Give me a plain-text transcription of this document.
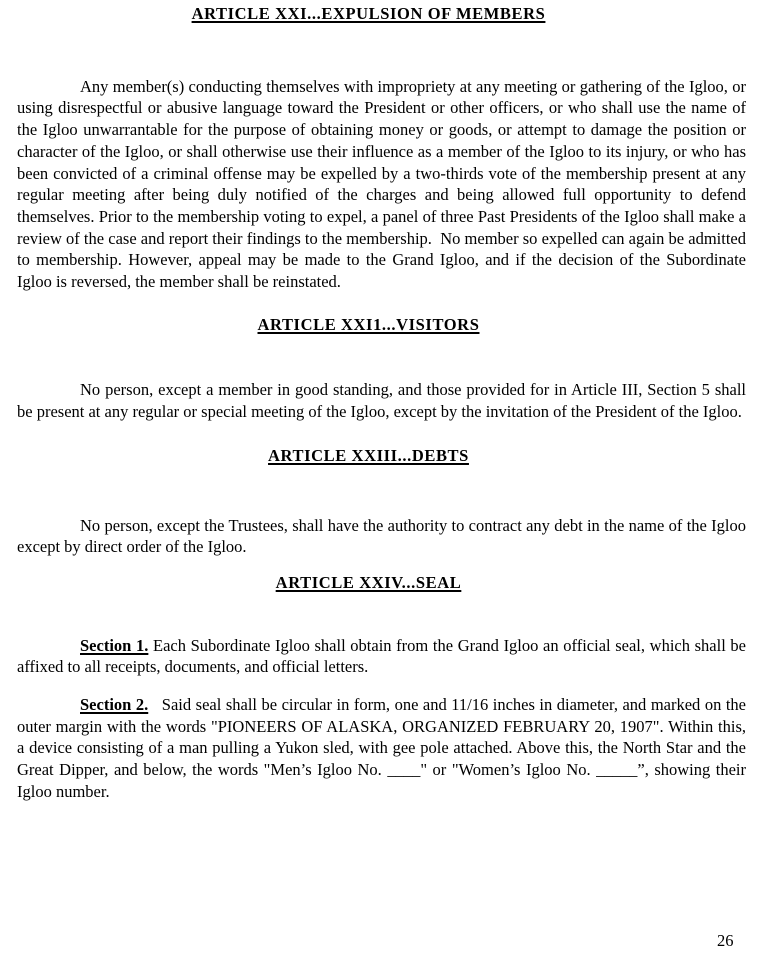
ARTICLE XXI...EXPULSION OF MEMBERS

Any member(s) conducting themselves with impropriety at any meeting or gathering of the Igloo, or using disrespectful or abusive language toward the President or other officers, or who shall use the name of the Igloo unwarrantable for the purpose of obtaining money or goods, or attempt to damage the position or character of the Igloo, or shall otherwise use their influence as a member of the Igloo to its injury, or who has been convicted of a criminal offense may be expelled by a two-thirds vote of the membership present at any regular meeting after being duly notified of the charges and being allowed full opportunity to defend themselves. Prior to the membership voting to expel, a panel of three Past Presidents of the Igloo shall make a review of the case and report their findings to the membership.  No member so expelled can again be admitted to membership. However, appeal may be made to the Grand Igloo, and if the decision of the Subordinate Igloo is reversed, the member shall be reinstated.

ARTICLE XXI1...VISITORS

No person, except a member in good standing, and those provided for in Article III, Section 5 shall be present at any regular or special meeting of the Igloo, except by the invitation of the President of the Igloo.

ARTICLE XXIII...DEBTS

No person, except the Trustees, shall have the authority to contract any debt in the name of the Igloo except by direct order of the Igloo.

ARTICLE XXIV...SEAL

Section 1. Each Subordinate Igloo shall obtain from the Grand Igloo an official seal, which shall be affixed to all receipts, documents, and official letters.

Section 2.   Said seal shall be circular in form, one and 11/16 inches in diameter, and marked on the outer margin with the words "PIONEERS OF ALASKA, ORGANIZED FEBRUARY 20, 1907". Within this, a device consisting of a man pulling a Yukon sled, with gee pole attached. Above this, the North Star and the Great Dipper, and below, the words "Men’s Igloo No. ____" or "Women’s Igloo No. _____”, showing their Igloo number.

26
